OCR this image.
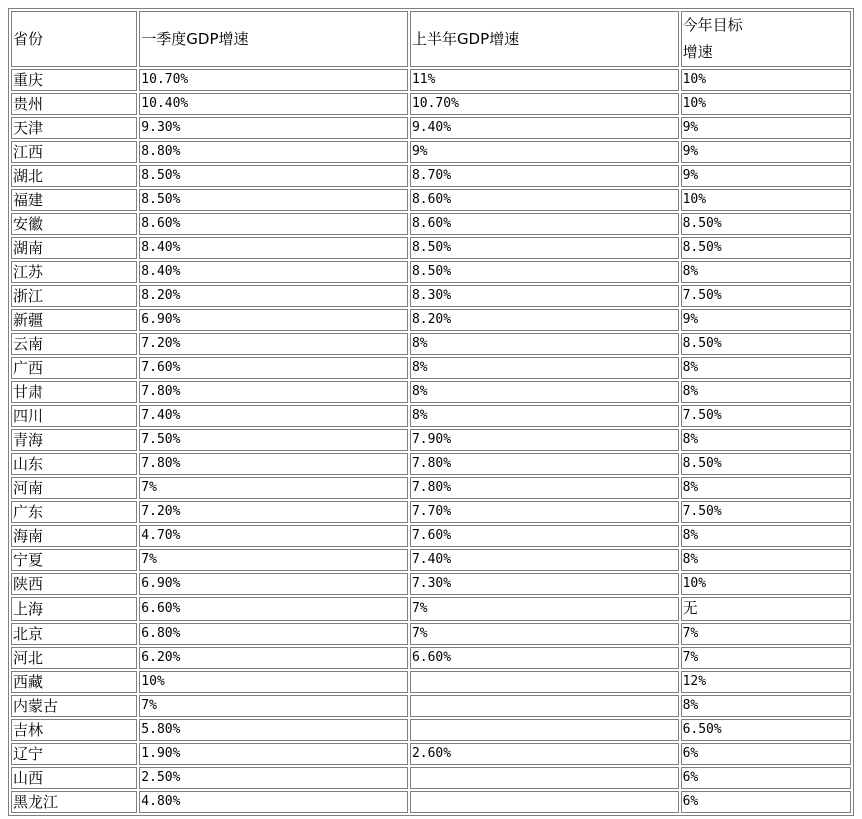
省份	一季度GDP增速	上半年GDP增速	今年目标
增速

重庆	10.70%	11%	10%
贵州	10.40%	10.70%	10%
天津	9.30%	9.40%	9%
江西	8.80%	9%	9%
湖北	8.50%	8.70%	9%
福建	8.50%	8.60%	10%
安徽	8.60%	8.60%	8.50%
湖南	8.40%	8.50%	8.50%
江苏	8.40%	8.50%	8%
浙江	8.20%	8.30%	7.50%
新疆	6.90%	8.20%	9%
云南	7.20%	8%	8.50%
广西	7.60%	8%	8%
甘肃	7.80%	8%	8%
四川	7.40%	8%	7.50%
青海	7.50%	7.90%	8%
山东	7.80%	7.80%	8.50%
河南	7%	7.80%	8%
广东	7.20%	7.70%	7.50%
海南	4.70%	7.60%	8%
宁夏	7%	7.40%	8%
陕西	6.90%	7.30%	10%
上海	6.60%	7%	无
北京	6.80%	7%	7%
河北	6.20%	6.60%	7%
西藏	10%		12%
内蒙古	7%		8%
吉林	5.80%		6.50%
辽宁	1.90%	2.60%	6%
山西	2.50%		6%
黑龙江	4.80%		6%
